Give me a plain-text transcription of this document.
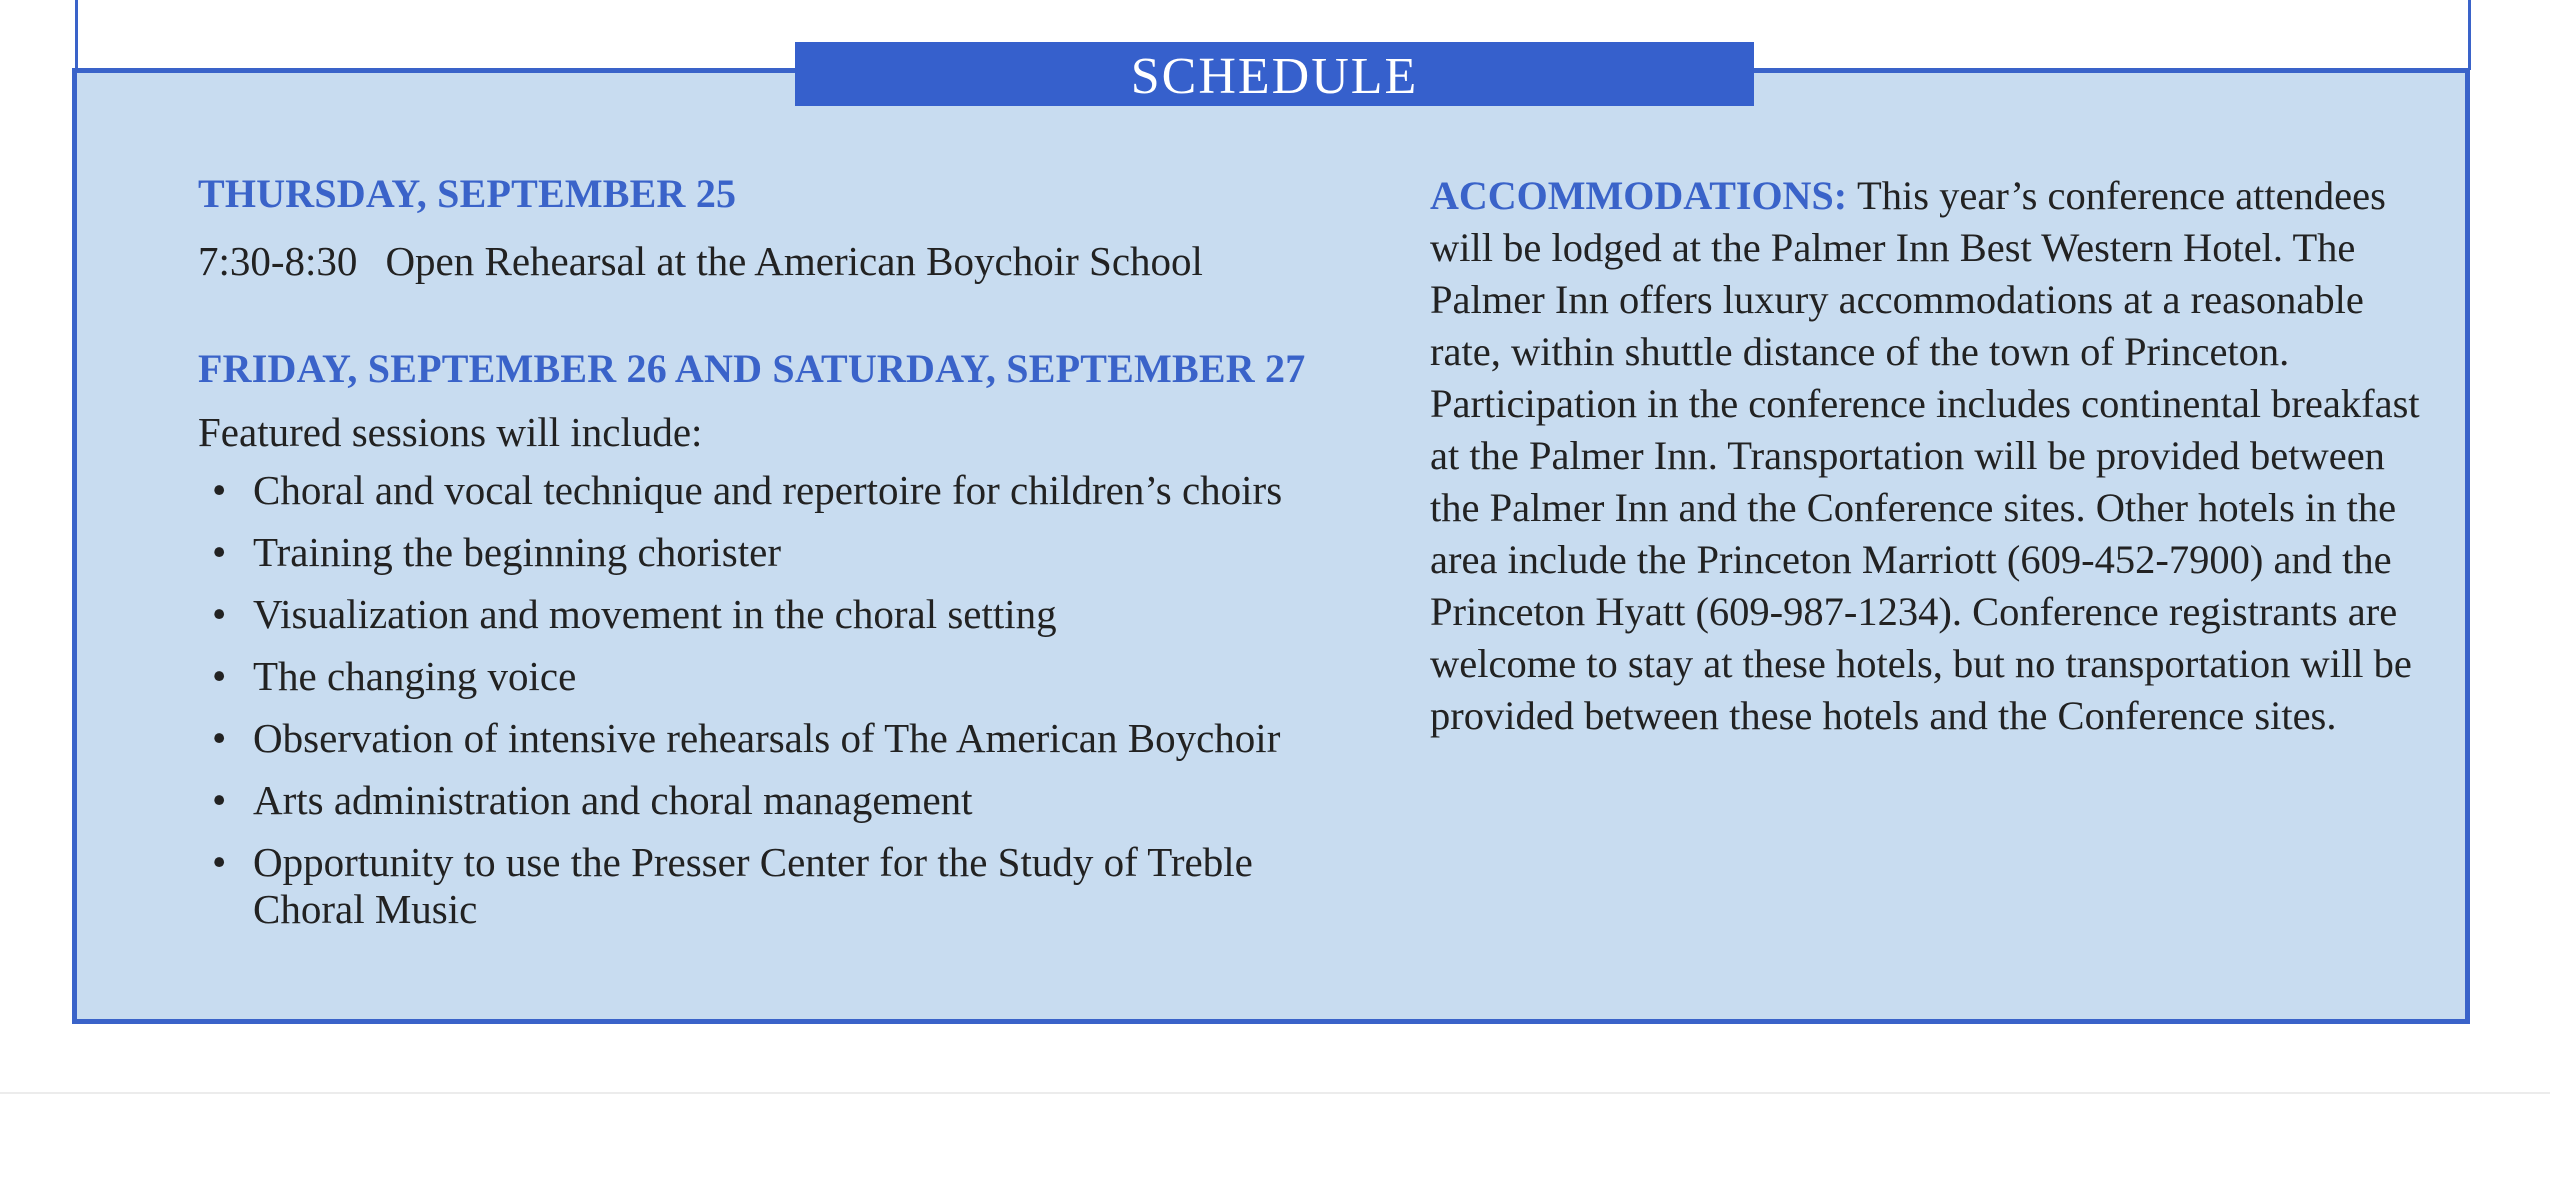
SCHEDULE
THURSDAY, SEPTEMBER 25
7:30-8:30 Open Rehearsal at the American Boychoir School
FRIDAY, SEPTEMBER 26 AND SATURDAY, SEPTEMBER 27
Featured sessions will include:
• Choral and vocal technique and repertoire for children’s choirs
• Training the beginning chorister
• Visualization and movement in the choral setting
• The changing voice
• Observation of intensive rehearsals of The American Boychoir
• Arts administration and choral management
• Opportunity to use the Presser Center for the Study of Treble Choral Music

ACCOMMODATIONS: This year’s conference attendees will be lodged at the Palmer Inn Best Western Hotel. The Palmer Inn offers luxury accommodations at a reasonable rate, within shuttle distance of the town of Princeton. Participation in the conference includes continental breakfast at the Palmer Inn. Transportation will be provided between the Palmer Inn and the Conference sites. Other hotels in the area include the Princeton Marriott (609-452-7900) and the Princeton Hyatt (609-987-1234). Conference registrants are welcome to stay at these hotels, but no transportation will be provided between these hotels and the Conference sites.
